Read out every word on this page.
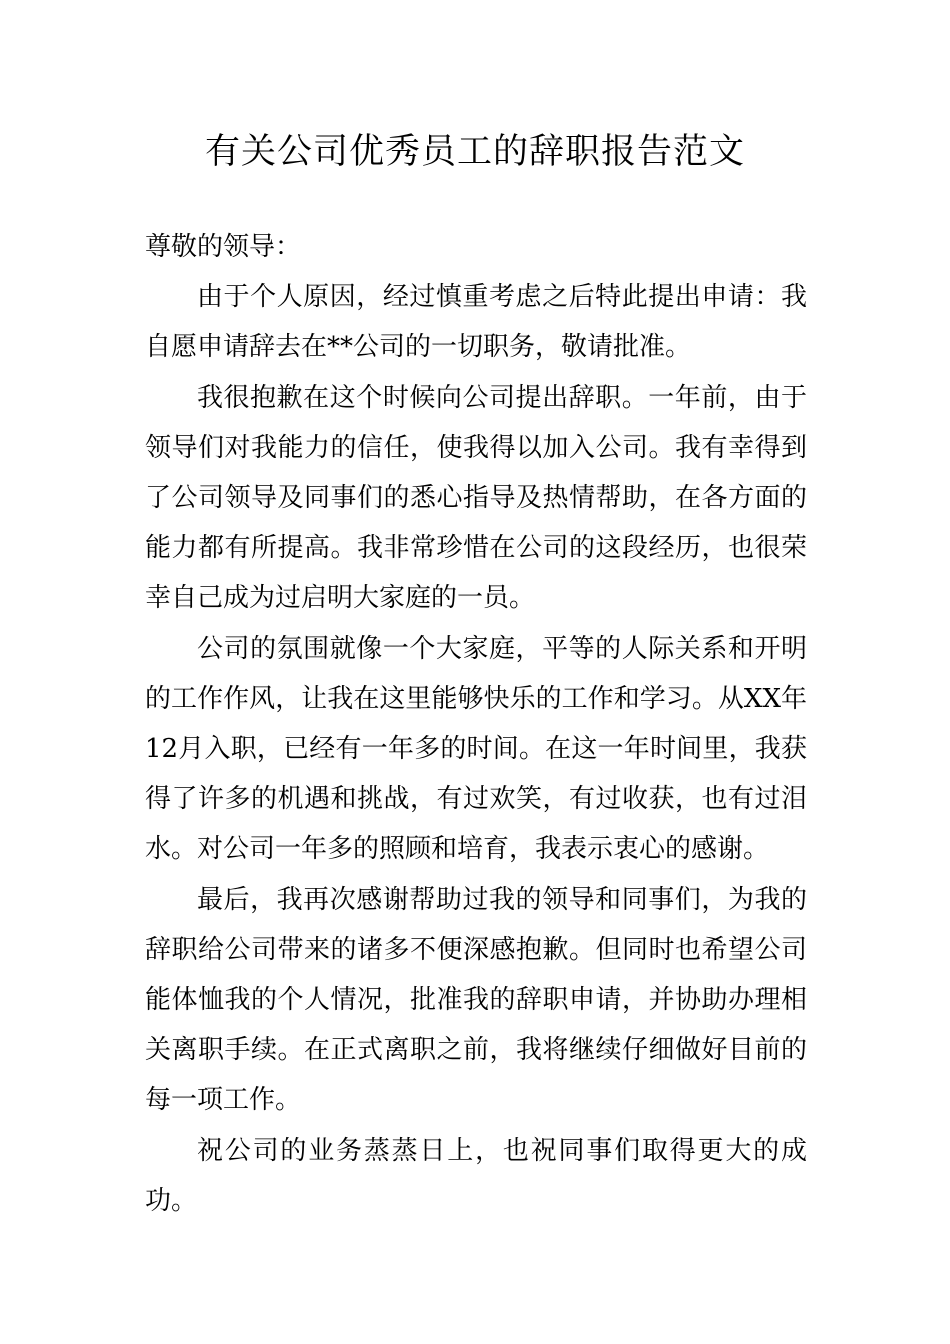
有关公司优秀员工的辞职报告范文

尊敬的领导：

由于个人原因，经过慎重考虑之后特此提出申请：我自愿申请辞去在**公司的一切职务，敬请批准。

我很抱歉在这个时候向公司提出辞职。一年前，由于领导们对我能力的信任，使我得以加入公司。我有幸得到了公司领导及同事们的悉心指导及热情帮助，在各方面的能力都有所提高。我非常珍惜在公司的这段经历，也很荣幸自己成为过启明大家庭的一员。

公司的氛围就像一个大家庭，平等的人际关系和开明的工作作风，让我在这里能够快乐的工作和学习。从XX年12月入职，已经有一年多的时间。在这一年时间里，我获得了许多的机遇和挑战，有过欢笑，有过收获，也有过泪水。对公司一年多的照顾和培育，我表示衷心的感谢。

最后，我再次感谢帮助过我的领导和同事们，为我的辞职给公司带来的诸多不便深感抱歉。但同时也希望公司能体恤我的个人情况，批准我的辞职申请，并协助办理相关离职手续。在正式离职之前，我将继续仔细做好目前的每一项工作。

祝公司的业务蒸蒸日上，也祝同事们取得更大的成功。
